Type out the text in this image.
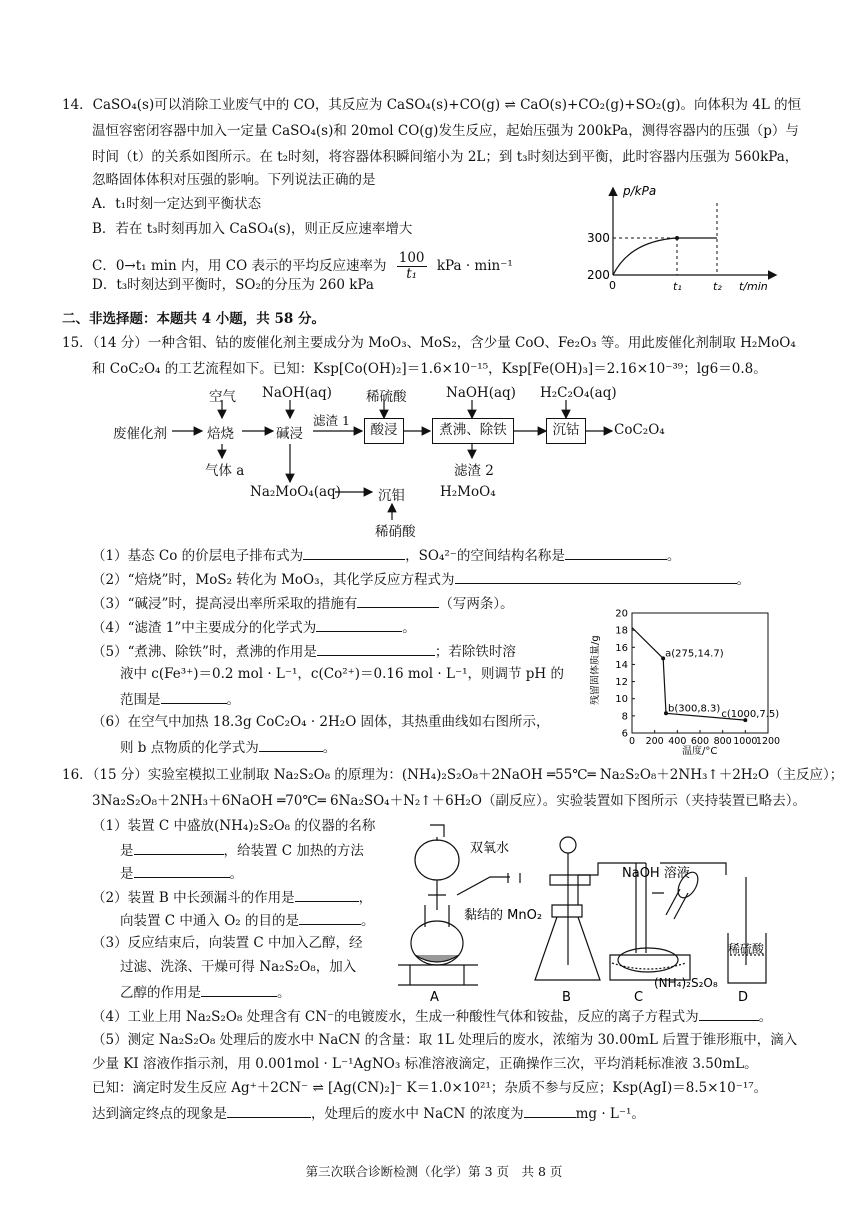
14．CaSO₄(s)可以消除工业废气中的 CO，其反应为 CaSO₄(s)+CO(g) ⇌ CaO(s)+CO₂(g)+SO₂(g)。向体积为 4L 的恒
温恒容密闭容器中加入一定量 CaSO₄(s)和 20mol CO(g)发生反应，起始压强为 200kPa，测得容器内的压强（p）与
时间（t）的关系如图所示。在 t₂时刻，将容器体积瞬间缩小为 2L；到 t₃时刻达到平衡，此时容器内压强为 560kPa，
忽略固体体积对压强的影响。下列说法正确的是
A．t₁时刻一定达到平衡状态
B．若在 t₃时刻再加入 CaSO₄(s)，则正反应速率增大
C．0→t₁ min 内，用 CO 表示的平均反应速率为 $\frac{100}{\text{t₁}}$ kPa · min⁻¹
D．t₃时刻达到平衡时，SO₂的分压为 260 kPa
p/kPa
300
200
0	t₁	t₂ t/min
二、非选择题：本题共 4 小题，共 58 分。
15．（14 分）一种含钼、钴的废催化剂主要成分为 MoO₃、MoS₂，含少量 CoO、Fe₂O₃ 等。用此废催化剂制取 H₂MoO₄
和 CoC₂O₄ 的工艺流程如下。已知：Ksp[Co(OH)₂]＝1.6×10⁻¹⁵，Ksp[Fe(OH)₃]＝2.16×10⁻³⁹；lg6＝0.8。
废催化剂	焙烧	碱浸	酸浸	煮沸、除铁	沉钴	CoC₂O₄
空气 NaOH(aq)	稀硫酸	NaOH(aq) H₂C₂O₄(aq)
滤渣 1
气体 a	滤渣 2
Na₂MoO₄(aq)	沉钼	H₂MoO₄
稀硝酸
（1）基态 Co 的价层电子排布式为	，SO₄²⁻的空间结构名称是	。
（2）“焙烧”时，MoS₂ 转化为 MoO₃，其化学反应方程式为	。
（3）“碱浸”时，提高浸出率所采取的措施有	（写两条）。
（4）“滤渣 1”中主要成分的化学式为	。
（5）“煮沸、除铁”时，煮沸的作用是	；若除铁时溶
液中 c(Fe³⁺)＝0.2 mol · L⁻¹，c(Co²⁺)＝0.16 mol · L⁻¹，则调节 pH 的
范围是	。
（6）在空气中加热 18.3g CoC₂O₄ · 2H₂O 固体，其热重曲线如右图所示，
则 b 点物质的化学式为	。
残留固体质量/g
温度/°C
20
18
16
14
12
10
8
6
0 200 400 600 800 1000
1200
a(275,14.7)
b(300,8.3)
c(1000,7.5)
16．（15 分）实验室模拟工业制取 Na₂S₂O₈ 的原理为：(NH₄)₂S₂O₈＋2NaOH ═55℃═ Na₂S₂O₈＋2NH₃↑＋2H₂O（主反应）；
3Na₂S₂O₈＋2NH₃＋6NaOH ═70℃═ 6Na₂SO₄＋N₂↑＋6H₂O（副反应）。实验装置如下图所示（夹持装置已略去）。
（1）装置 C 中盛放(NH₄)₂S₂O₈ 的仪器的名称
是	，给装置 C 加热的方法
是	。
（2）装置 B 中长颈漏斗的作用是	，
向装置 C 中通入 O₂ 的目的是	。
（3）反应结束后，向装置 C 中加入乙醇，经
过滤、洗涤、干燥可得 Na₂S₂O₈，加入
乙醇的作用是	。
双氧水
黏结的 MnO₂
NaOH 溶液
(NH₄)₂S₂O₈
稀硫酸
A	B	C	D
（4）工业上用 Na₂S₂O₈ 处理含有 CN⁻的电镀废水，生成一种酸性气体和铵盐，反应的离子方程式为	。
（5）测定 Na₂S₂O₈ 处理后的废水中 NaCN 的含量：取 1L 处理后的废水，浓缩为 30.00mL 后置于锥形瓶中，滴入
少量 KI 溶液作指示剂，用 0.001mol · L⁻¹AgNO₃ 标准溶液滴定，正确操作三次，平均消耗标准液 3.50mL。
已知：滴定时发生反应 Ag⁺＋2CN⁻ ⇌ [Ag(CN)₂]⁻ K＝1.0×10²¹；杂质不参与反应；Ksp(AgI)＝8.5×10⁻¹⁷。
达到滴定终点的现象是	，处理后的废水中 NaCN 的浓度为	mg · L⁻¹。
第三次联合诊断检测（化学）第 3 页　共 8 页
